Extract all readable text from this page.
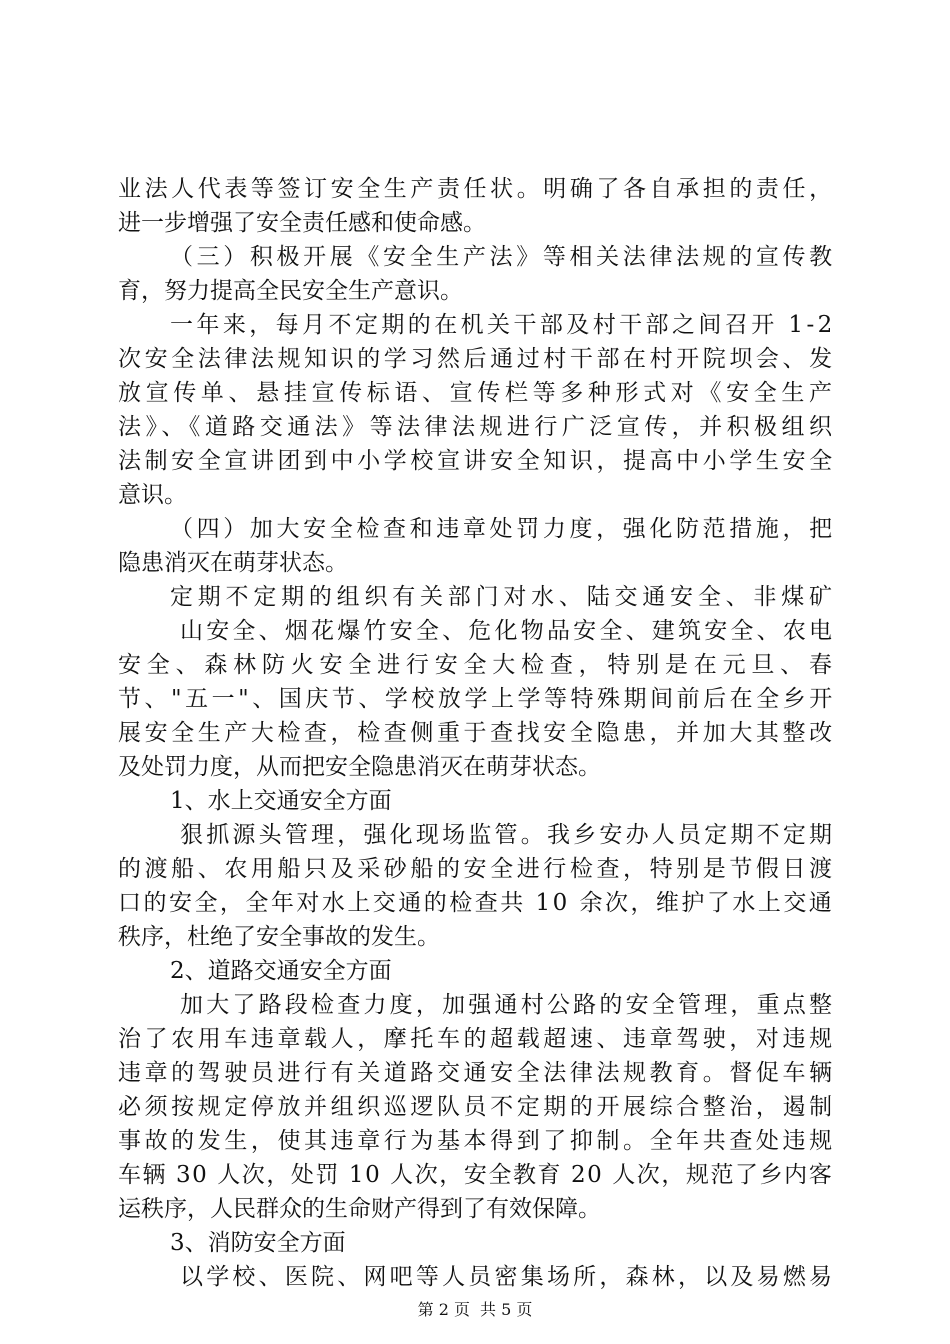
业法人代表等签订安全生产责任状。明确了各自承担的责任，
进一步增强了安全责任感和使命感。
（三）积极开展《安全生产法》等相关法律法规的宣传教
育，努力提高全民安全生产意识。
一年来，每月不定期的在机关干部及村干部之间召开 1-2
次安全法律法规知识的学习然后通过村干部在村开院坝会、发
放宣传单、悬挂宣传标语、宣传栏等多种形式对《安全生产
法》、《道路交通法》等法律法规进行广泛宣传，并积极组织
法制安全宣讲团到中小学校宣讲安全知识，提高中小学生安全
意识。
（四）加大安全检查和违章处罚力度，强化防范措施，把
隐患消灭在萌芽状态。
定期不定期的组织有关部门对水、陆交通安全、非煤矿
山安全、烟花爆竹安全、危化物品安全、建筑安全、农电
安全、森林防火安全进行安全大检查，特别是在元旦、春
节、"五一"、国庆节、学校放学上学等特殊期间前后在全乡开
展安全生产大检查，检查侧重于查找安全隐患，并加大其整改
及处罚力度，从而把安全隐患消灭在萌芽状态。
1、水上交通安全方面
狠抓源头管理，强化现场监管。我乡安办人员定期不定期
的渡船、农用船只及采砂船的安全进行检查，特别是节假日渡
口的安全，全年对水上交通的检查共 10 余次，维护了水上交通
秩序，杜绝了安全事故的发生。
2、道路交通安全方面
加大了路段检查力度，加强通村公路的安全管理，重点整
治了农用车违章载人，摩托车的超载超速、违章驾驶，对违规
违章的驾驶员进行有关道路交通安全法律法规教育。督促车辆
必须按规定停放并组织巡逻队员不定期的开展综合整治，遏制
事故的发生，使其违章行为基本得到了抑制。全年共查处违规
车辆 30 人次，处罚 10 人次，安全教育 20 人次，规范了乡内客
运秩序，人民群众的生命财产得到了有效保障。
3、消防安全方面
以学校、医院、网吧等人员密集场所，森林，以及易燃易
第 2 页 共 5 页
